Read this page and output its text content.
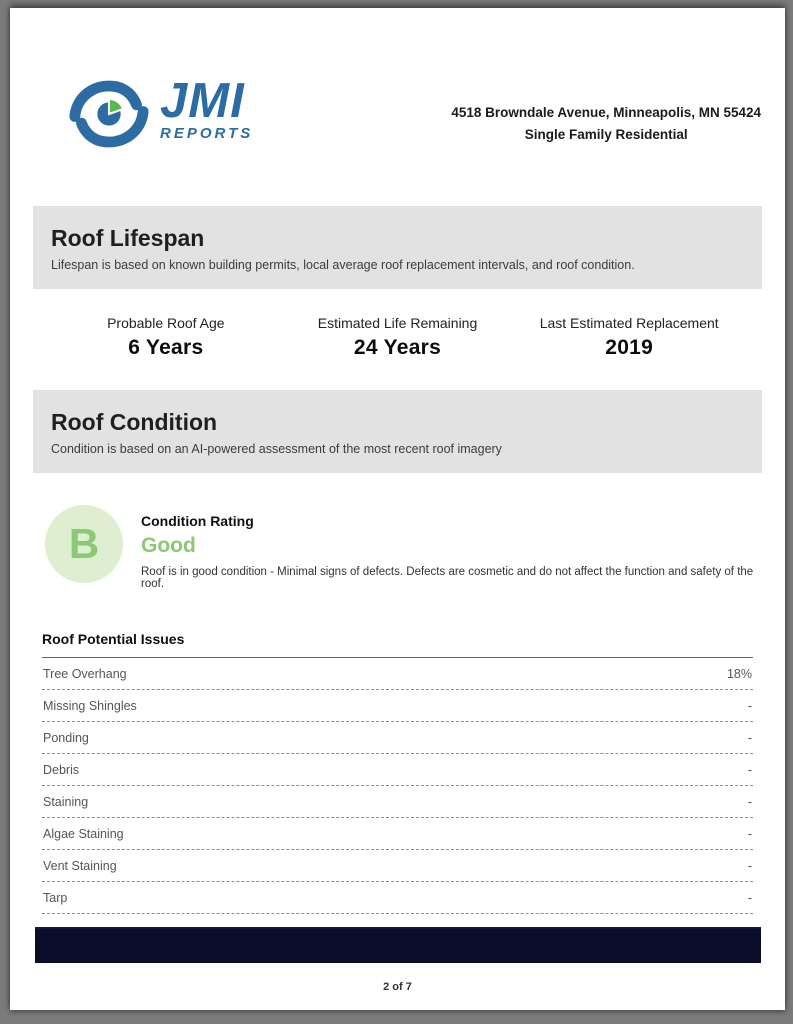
JMI
REPORTS
4518 Browndale Avenue, Minneapolis, MN 55424
Single Family Residential
Roof Lifespan

Lifespan is based on known building permits, local average roof replacement intervals, and roof condition.

Probable Roof Age
6 Years
Estimated Life Remaining
24 Years
Last Estimated Replacement
2019
Roof Condition

Condition is based on an AI-powered assessment of the most recent roof imagery

B	Condition Rating
Good
Roof is in good condition - Minimal signs of defects. Defects are cosmetic and do not affect the function and safety of the roof.
Roof Potential Issues
Tree Overhang	18%
Missing Shingles	-
Ponding	-
Debris	-
Staining	-
Algae Staining	-
Vent Staining	-
Tarp	-
2 of 7
